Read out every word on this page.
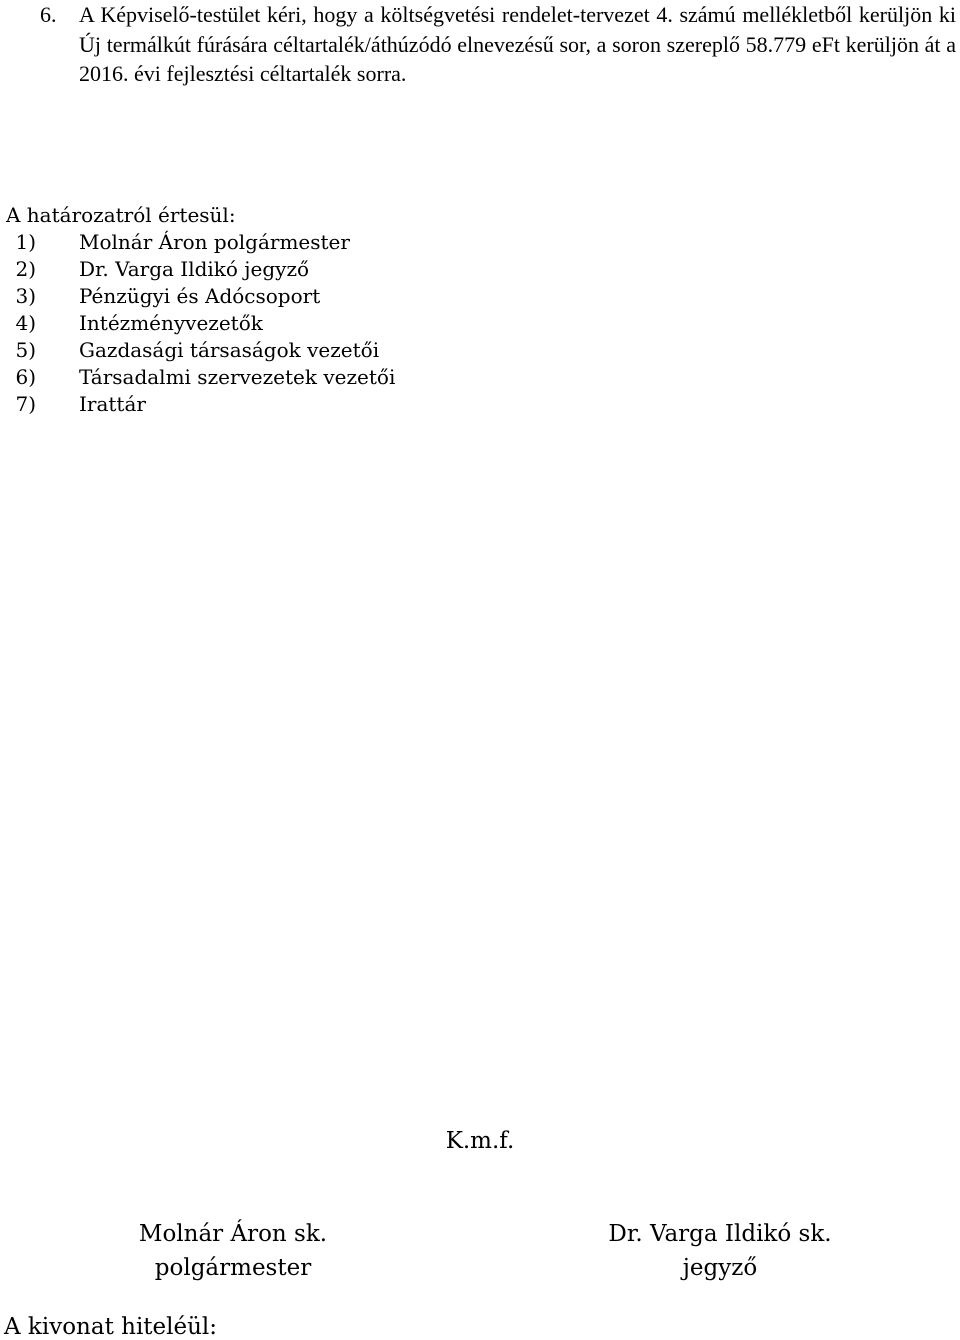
6. A Képviselő-testület kéri, hogy a költségvetési rendelet-tervezet 4. számú mellékletből kerüljön ki Új termálkút fúrására céltartalék/áthúzódó elnevezésű sor, a soron szereplő 58.779 eFt kerüljön át a 2016. évi fejlesztési céltartalék sorra.
A határozatról értesül:
1) Molnár Áron polgármester
2) Dr. Varga Ildikó jegyző
3) Pénzügyi és Adócsoport
4) Intézményvezetők
5) Gazdasági társaságok vezetői
6) Társadalmi szervezetek vezetői
7) Irattár
K.m.f.
Molnár Áron sk.
polgármester
Dr. Varga Ildikó sk.
jegyző
A kivonat hiteléül:
